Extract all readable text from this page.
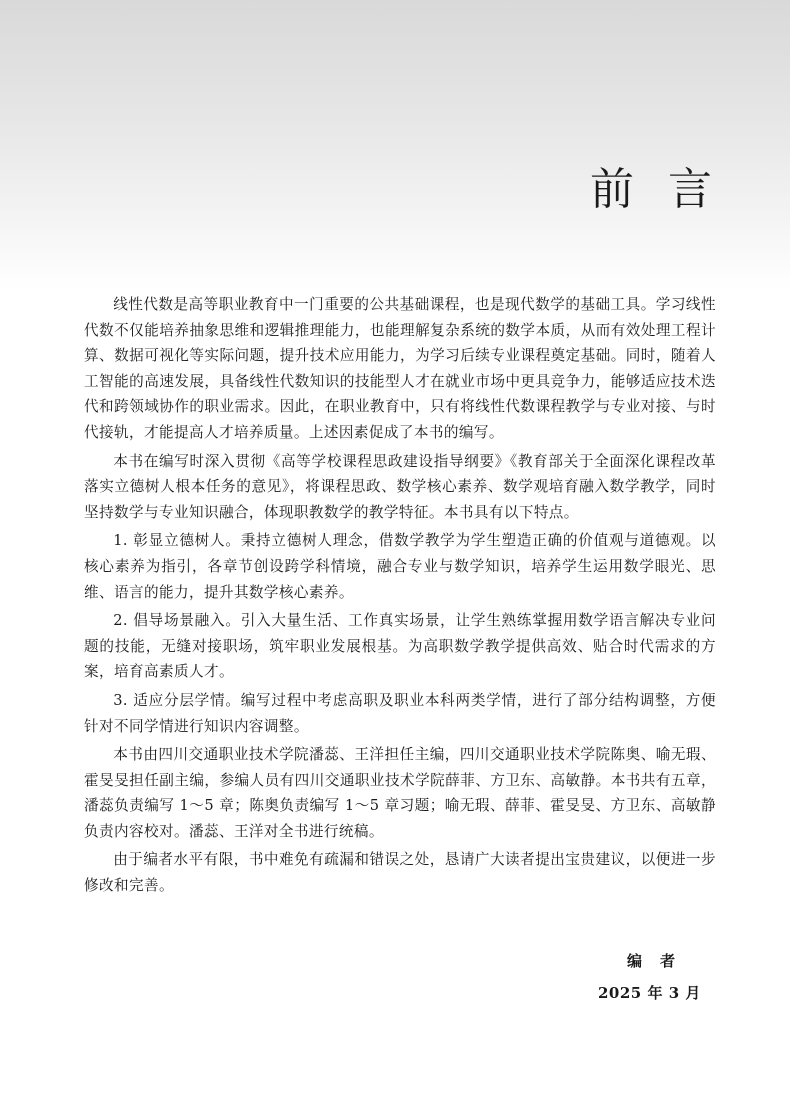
前言

线性代数是高等职业教育中一门重要的公共基础课程，也是现代数学的基础工具。学习线性代数不仅能培养抽象思维和逻辑推理能力，也能理解复杂系统的数学本质，从而有效处理工程计算、数据可视化等实际问题，提升技术应用能力，为学习后续专业课程奠定基础。同时，随着人工智能的高速发展，具备线性代数知识的技能型人才在就业市场中更具竞争力，能够适应技术迭代和跨领域协作的职业需求。因此，在职业教育中，只有将线性代数课程教学与专业对接、与时代接轨，才能提高人才培养质量。上述因素促成了本书的编写。

本书在编写时深入贯彻《高等学校课程思政建设指导纲要》《教育部关于全面深化课程改革落实立德树人根本任务的意见》，将课程思政、数学核心素养、数学观培育融入数学教学，同时坚持数学与专业知识融合，体现职教数学的教学特征。本书具有以下特点。

1. 彰显立德树人。秉持立德树人理念，借数学教学为学生塑造正确的价值观与道德观。以核心素养为指引，各章节创设跨学科情境，融合专业与数学知识，培养学生运用数学眼光、思维、语言的能力，提升其数学核心素养。

2. 倡导场景融入。引入大量生活、工作真实场景，让学生熟练掌握用数学语言解决专业问题的技能，无缝对接职场，筑牢职业发展根基。为高职数学教学提供高效、贴合时代需求的方案，培育高素质人才。

3. 适应分层学情。编写过程中考虑高职及职业本科两类学情，进行了部分结构调整，方便针对不同学情进行知识内容调整。

本书由四川交通职业技术学院潘蕊、王洋担任主编，四川交通职业技术学院陈奥、喻无瑕、霍旻旻担任副主编，参编人员有四川交通职业技术学院薛菲、方卫东、高敏静。本书共有五章，潘蕊负责编写 1～5 章；陈奥负责编写 1～5 章习题；喻无瑕、薛菲、霍旻旻、方卫东、高敏静负责内容校对。潘蕊、王洋对全书进行统稿。

由于编者水平有限，书中难免有疏漏和错误之处，恳请广大读者提出宝贵建议，以便进一步修改和完善。

编者

2025 年 3 月
